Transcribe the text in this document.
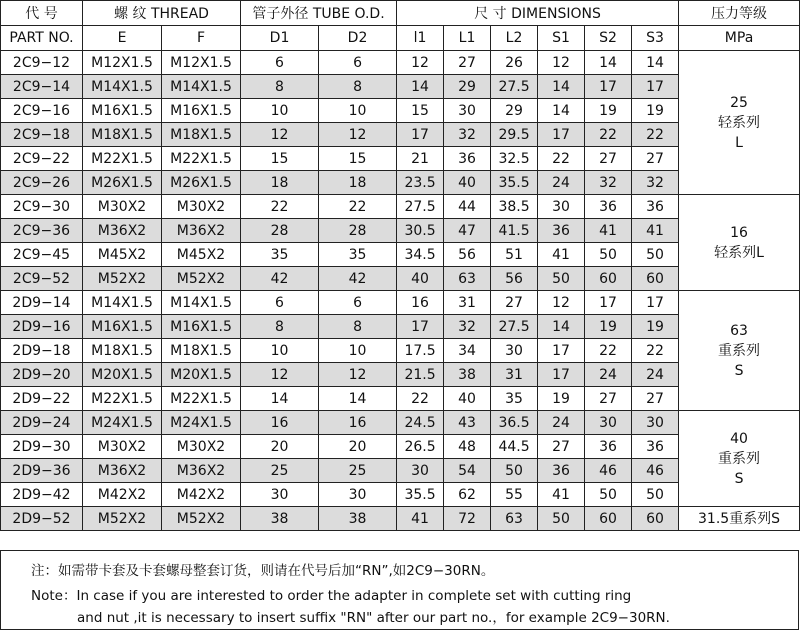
代 号	螺 纹 THREAD		管子外径 TUBE O.D.		尺 寸 DIMENSIONS						压力等级
PART NO.	E	F	D1	D2	l1	L1	L2	S1	S2	S3	MPa
2C9−12	M12X1.5	M12X1.5	6	6	12	27	26	12	14	14	25
轻系列
L

2C9−14	M14X1.5	M14X1.5	8	8	14	29	27.5	14	17	17	
2C9−16	M16X1.5	M16X1.5	10	10	15	30	29	14	19	19	
2C9−18	M18X1.5	M18X1.5	12	12	17	32	29.5	17	22	22	
2C9−22	M22X1.5	M22X1.5	15	15	21	36	32.5	22	27	27	
2C9−26	M26X1.5	M26X1.5	18	18	23.5	40	35.5	24	32	32	
2C9−30	M30X2	M30X2	22	22	27.5	44	38.5	30	36	36	16
轻系列L

2C9−36	M36X2	M36X2	28	28	30.5	47	41.5	36	41	41	
2C9−45	M45X2	M45X2	35	35	34.5	56	51	41	50	50	
2C9−52	M52X2	M52X2	42	42	40	63	56	50	60	60	
2D9−14	M14X1.5	M14X1.5	6	6	16	31	27	12	17	17	63
重系列
S

2D9−16	M16X1.5	M16X1.5	8	8	17	32	27.5	14	19	19	
2D9−18	M18X1.5	M18X1.5	10	10	17.5	34	30	17	22	22	
2D9−20	M20X1.5	M20X1.5	12	12	21.5	38	31	17	24	24	
2D9−22	M22X1.5	M22X1.5	14	14	22	40	35	19	27	27	
2D9−24	M24X1.5	M24X1.5	16	16	24.5	43	36.5	24	30	30	40
重系列
S

2D9−30	M30X2	M30X2	20	20	26.5	48	44.5	27	36	36	
2D9−36	M36X2	M36X2	25	25	30	54	50	36	46	46	
2D9−42	M42X2	M42X2	30	30	35.5	62	55	41	50	50	
2D9−52	M52X2	M52X2	38	38	41	72	63	50	60	60	31.5重系列S
注：如需带卡套及卡套螺母整套订货，则请在代号后加“RN”,如2C9−30RN。
Note：In case if you are interested to order the adapter in complete set with cutting ring
and nut ,it is necessary to insert suffix "RN" after our part no.，for example 2C9−30RN.
